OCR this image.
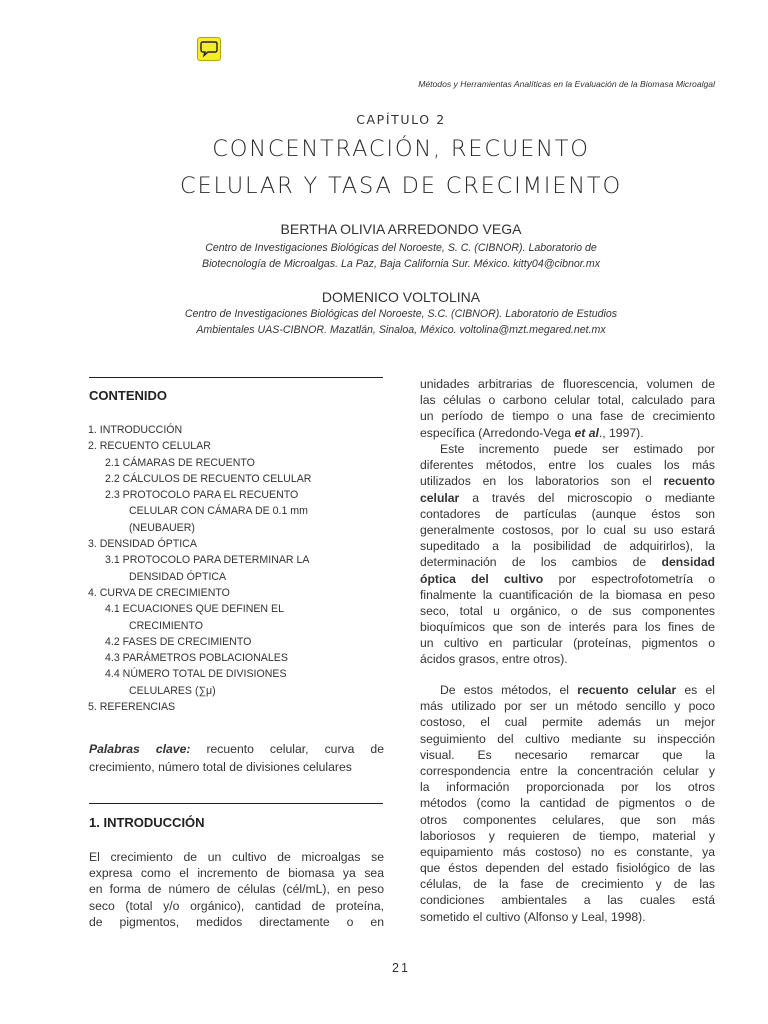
Métodos y Herramientas Analíticas en la Evaluación de la Biomasa Microalgal
CAPÍTULO 2
CONCENTRACIÓN, RECUENTO
CELULAR Y TASA DE CRECIMIENTO
BERTHA OLIVIA ARREDONDO VEGA
Centro de Investigaciones Biológicas del Noroeste, S. C. (CIBNOR). Laboratorio de
Biotecnología de Microalgas. La Paz, Baja California Sur. México. kitty04@cibnor.mx
DOMENICO VOLTOLINA
Centro de Investigaciones Biológicas del Noroeste, S.C. (CIBNOR). Laboratorio de Estudios
Ambientales UAS-CIBNOR. Mazatlán, Sinaloa, México. voltolina@mzt.megared.net.mx
CONTENIDO
1. INTRODUCCIÓN
2. RECUENTO CELULAR
2.1 CÁMARAS DE RECUENTO
2.2 CÁLCULOS DE RECUENTO CELULAR
2.3 PROTOCOLO PARA EL RECUENTO
CELULAR CON CÁMARA DE 0.1 mm
(NEUBAUER)
3. DENSIDAD ÓPTICA
3.1 PROTOCOLO PARA DETERMINAR LA
DENSIDAD ÓPTICA
4. CURVA DE CRECIMIENTO
4.1 ECUACIONES QUE DEFINEN EL
CRECIMIENTO
4.2 FASES DE CRECIMIENTO
4.3 PARÁMETROS POBLACIONALES
4.4 NÚMERO TOTAL DE DIVISIONES
CELULARES (∑μ)
5. REFERENCIAS
Palabras clave: recuento celular, curva de crecimiento, número total de divisiones celulares
1. INTRODUCCIÓN
El crecimiento de un cultivo de microalgas se
expresa como el incremento de biomasa ya sea
en forma de número de células (cél/mL), en peso
seco (total y/o orgánico), cantidad de proteína,
de pigmentos, medidos directamente o en
unidades arbitrarias de fluorescencia, volumen de
las células o carbono celular total, calculado para
un período de tiempo o una fase de crecimiento
específica (Arredondo-Vega et al., 1997).
Este incremento puede ser estimado por
diferentes métodos, entre los cuales los más
utilizados en los laboratorios son el recuento
celular a través del microscopio o mediante
contadores de partículas (aunque éstos son
generalmente costosos, por lo cual su uso estará
supeditado a la posibilidad de adquirirlos), la
determinación de los cambios de densidad
óptica del cultivo por espectrofotometría o
finalmente la cuantificación de la biomasa en peso
seco, total u orgánico, o de sus componentes
bioquímicos que son de interés para los fines de
un cultivo en particular (proteínas, pigmentos o
ácidos grasos, entre otros).
De estos métodos, el recuento celular es el
más utilizado por ser un método sencillo y poco
costoso, el cual permite además un mejor
seguimiento del cultivo mediante su inspección
visual. Es necesario remarcar que la
correspondencia entre la concentración celular y
la información proporcionada por los otros
métodos (como la cantidad de pigmentos o de
otros componentes celulares, que son más
laboriosos y requieren de tiempo, material y
equipamiento más costoso) no es constante, ya
que éstos dependen del estado fisiológico de las
células, de la fase de crecimiento y de las
condiciones ambientales a las cuales está
sometido el cultivo (Alfonso y Leal, 1998).
21
